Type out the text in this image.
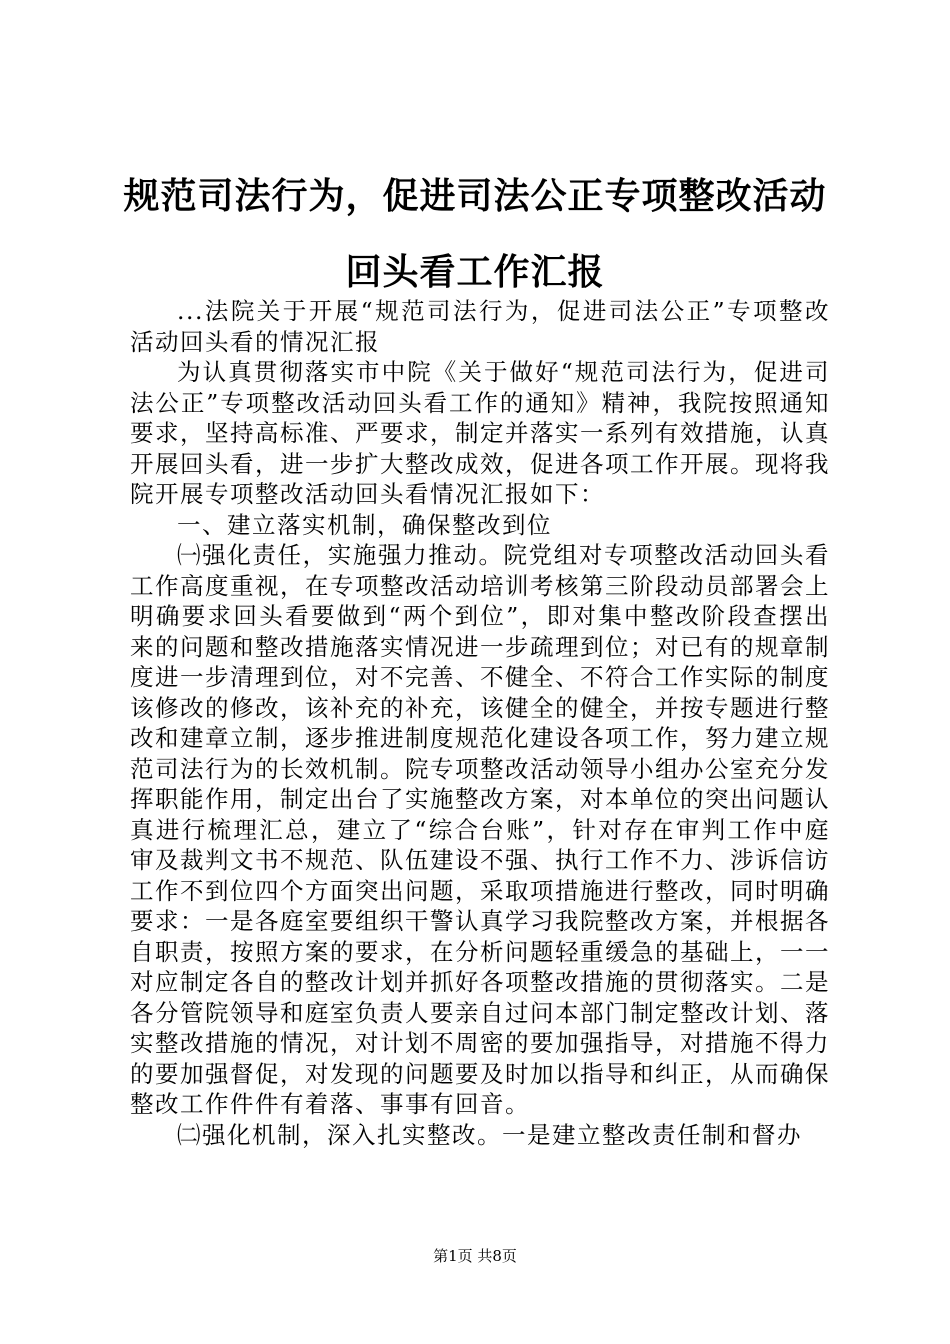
规范司法行为，促进司法公正专项整改活动回头看工作汇报

...法院关于开展“规范司法行为，促进司法公正”专项整改活动回头看的情况汇报

为认真贯彻落实市中院《关于做好“规范司法行为，促进司法公正”专项整改活动回头看工作的通知》精神，我院按照通知要求，坚持高标准、严要求，制定并落实一系列有效措施，认真开展回头看，进一步扩大整改成效，促进各项工作开展。现将我院开展专项整改活动回头看情况汇报如下：

一、建立落实机制，确保整改到位

㈠强化责任，实施强力推动。院党组对专项整改活动回头看工作高度重视，在专项整改活动培训考核第三阶段动员部署会上明确要求回头看要做到“两个到位”，即对集中整改阶段查摆出来的问题和整改措施落实情况进一步疏理到位；对已有的规章制度进一步清理到位，对不完善、不健全、不符合工作实际的制度该修改的修改，该补充的补充，该健全的健全，并按专题进行整改和建章立制，逐步推进制度规范化建设各项工作，努力建立规范司法行为的长效机制。院专项整改活动领导小组办公室充分发挥职能作用，制定出台了实施整改方案，对本单位的突出问题认真进行梳理汇总，建立了“综合台账”，针对存在审判工作中庭审及裁判文书不规范、队伍建设不强、执行工作不力、涉诉信访工作不到位四个方面突出问题，采取项措施进行整改，同时明确要求：一是各庭室要组织干警认真学习我院整改方案，并根据各自职责，按照方案的要求，在分析问题轻重缓急的基础上，一一对应制定各自的整改计划并抓好各项整改措施的贯彻落实。二是各分管院领导和庭室负责人要亲自过问本部门制定整改计划、落实整改措施的情况，对计划不周密的要加强指导，对措施不得力的要加强督促，对发现的问题要及时加以指导和纠正，从而确保整改工作件件有着落、事事有回音。

㈡强化机制，深入扎实整改。一是建立整改责任制和督办

第1页 共8页
